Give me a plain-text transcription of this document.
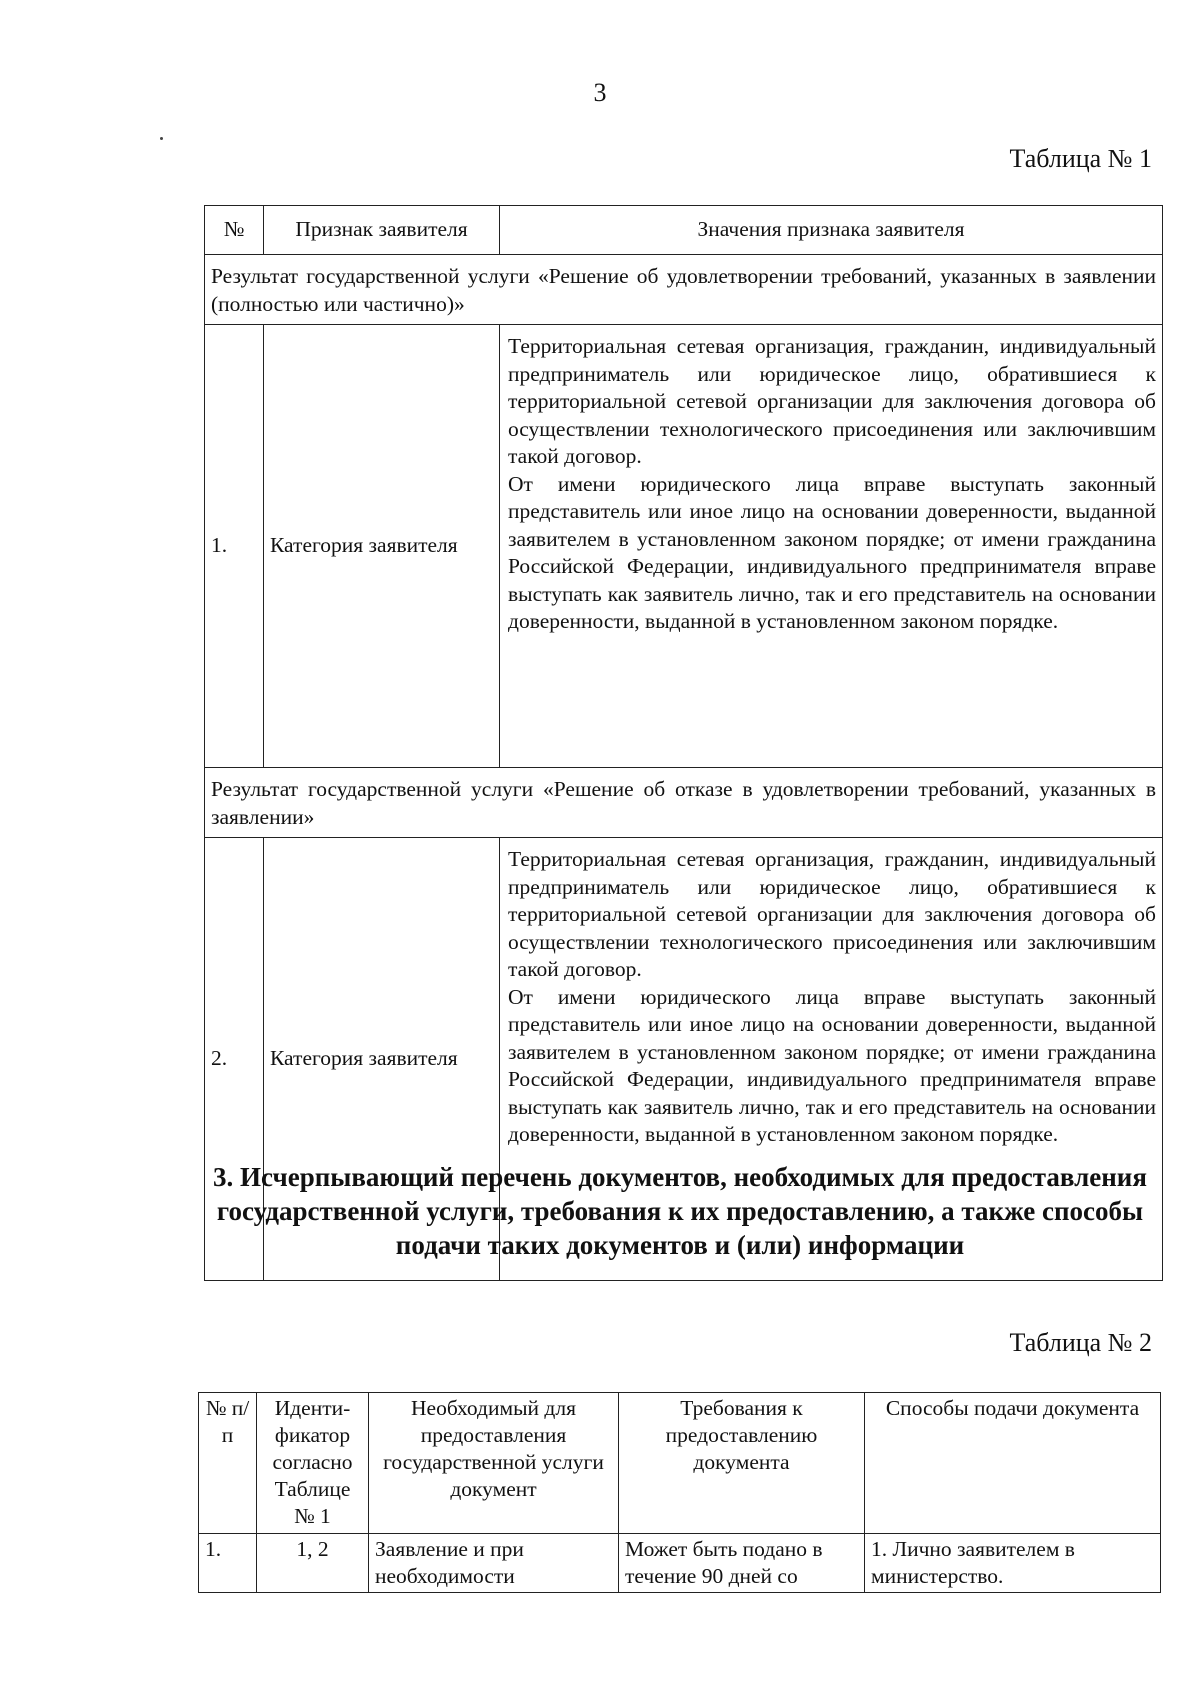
3
Таблица № 1
№	Признак заявителя	Значения признака заявителя
Результат государственной услуги «Решение об удовлетворении требований, указанных в заявлении (полностью или частично)»		
1.	Категория заявителя	Территориальная сетевая организация, гражданин, индивидуальный предприниматель или юридическое лицо, обратившиеся к территориальной сетевой организации для заключения договора об осуществлении технологического присоединения или заключившим такой договор.

От имени юридического лица вправе выступать законный представитель или иное лицо на основании доверенности, выданной заявителем в установленном законом порядке; от имени гражданина Российской Федерации, индивидуального предпринимателя вправе выступать как заявитель лично, так и его представитель на основании доверенности, выданной в установленном законом порядке.

Результат государственной услуги «Решение об отказе в удовлетворении требований, указанных в заявлении»		
2.	Категория заявителя	Территориальная сетевая организация, гражданин, индивидуальный предприниматель или юридическое лицо, обратившиеся к территориальной сетевой организации для заключения договора об осуществлении технологического присоединения или заключившим такой договор.

От имени юридического лица вправе выступать законный представитель или иное лицо на основании доверенности, выданной заявителем в установленном законом порядке; от имени гражданина Российской Федерации, индивидуального предпринимателя вправе выступать как заявитель лично, так и его представитель на основании доверенности, выданной в установленном законом порядке.

3. Исчерпывающий перечень документов, необходимых для предоставления государственной услуги, требования к их предоставлению, а также способы подачи таких документов и (или) информации
Таблица № 2
№ п/п	Иденти-фикатор согласно Таблице № 1	Необходимый для предоставления государственной услуги документ	Требования к предоставлению документа	Способы подачи документа
1.	1, 2	Заявление и при необходимости	Может быть подано в течение 90 дней со	1. Лично заявителем в министерство.
